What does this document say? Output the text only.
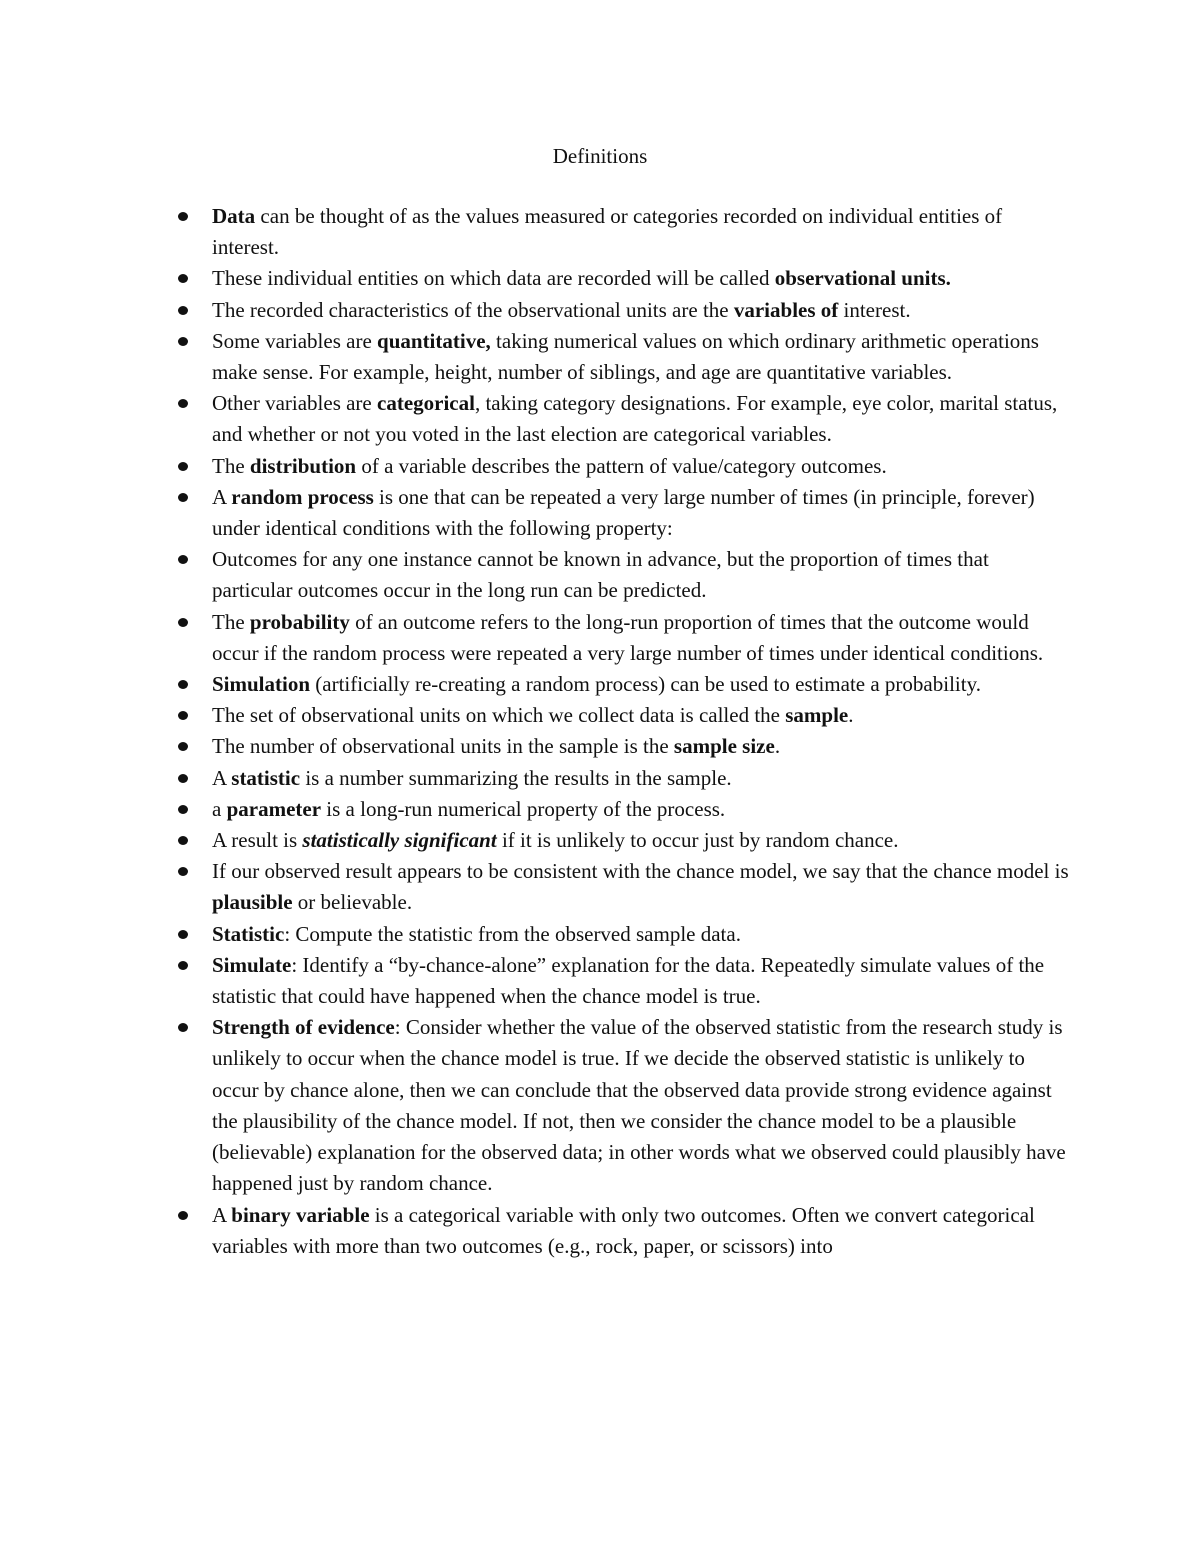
Definitions
Data can be thought of as the values measured or categories recorded on individual entities of interest.
These individual entities on which data are recorded will be called observational units.
The recorded characteristics of the observational units are the variables of interest.
Some variables are quantitative, taking numerical values on which ordinary arithmetic operations make sense. For example, height, number of siblings, and age are quantitative variables.
Other variables are categorical, taking category designations. For example, eye color, marital status, and whether or not you voted in the last election are categorical variables.
The distribution of a variable describes the pattern of value/category outcomes.
A random process is one that can be repeated a very large number of times (in principle, forever) under identical conditions with the following property:
Outcomes for any one instance cannot be known in advance, but the proportion of times that particular outcomes occur in the long run can be predicted.
The probability of an outcome refers to the long-run proportion of times that the outcome would occur if the random process were repeated a very large number of times under identical conditions.
Simulation (artificially re-creating a random process) can be used to estimate a probability.
The set of observational units on which we collect data is called the sample.
The number of observational units in the sample is the sample size.
A statistic is a number summarizing the results in the sample.
a parameter is a long-run numerical property of the process.
A result is statistically significant if it is unlikely to occur just by random chance.
If our observed result appears to be consistent with the chance model, we say that the chance model is plausible or believable.
Statistic: Compute the statistic from the observed sample data.
Simulate: Identify a “by-chance-alone” explanation for the data. Repeatedly simulate values of the statistic that could have happened when the chance model is true.
Strength of evidence: Consider whether the value of the observed statistic from the research study is unlikely to occur when the chance model is true. If we decide the observed statistic is unlikely to occur by chance alone, then we can conclude that the observed data provide strong evidence against the plausibility of the chance model. If not, then we consider the chance model to be a plausible (believable) explanation for the observed data; in other words what we observed could plausibly have happened just by random chance.
A binary variable is a categorical variable with only two outcomes. Often we convert categorical variables with more than two outcomes (e.g., rock, paper, or scissors) into
